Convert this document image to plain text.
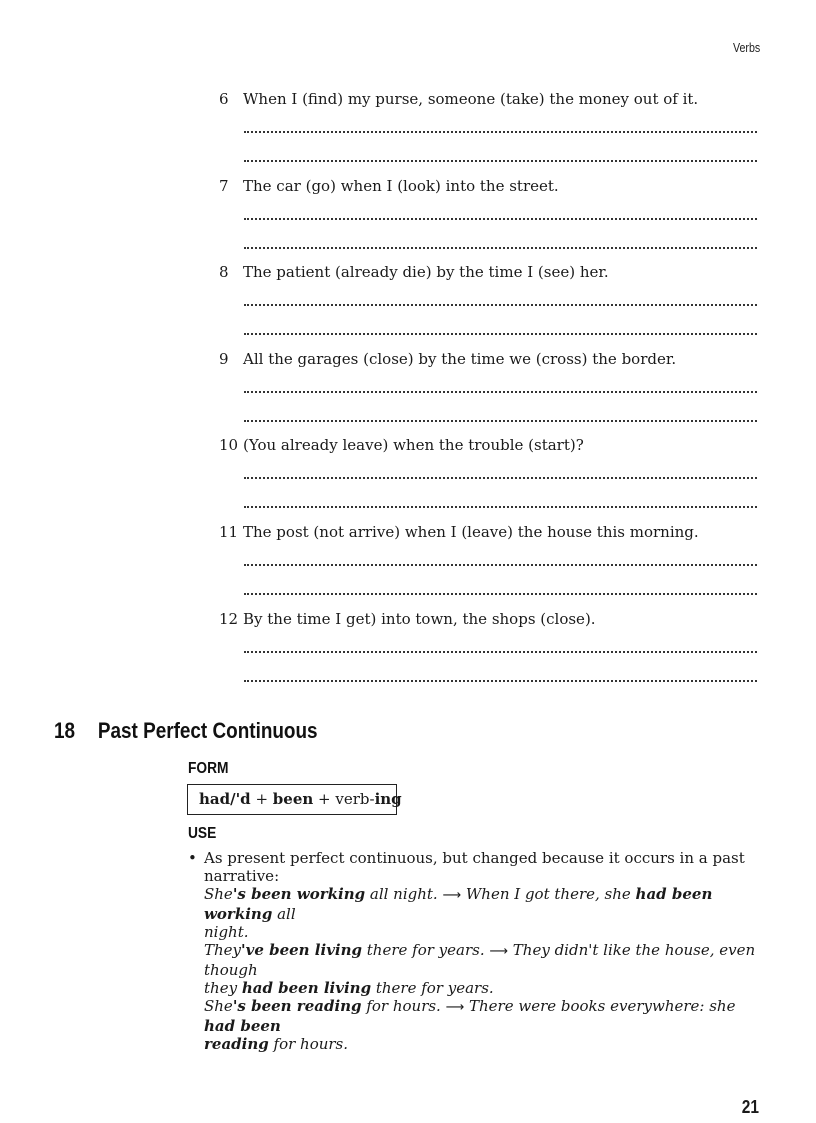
Verbs
6 When I (find) my purse, someone (take) the money out of it.
7 The car (go) when I (look) into the street.
8 The patient (already die) by the time I (see) her.
9 All the garages (close) by the time we (cross) the border.
10 (You already leave) when the trouble (start)?
11 The post (not arrive) when I (leave) the house this morning.
12 By the time I get) into town, the shops (close).
18 Past Perfect Continuous
FORM
had/'d + been + verb-ing
USE
• As present perfect continuous, but changed because it occurs in a past
narrative:
She's been working all night. ⟶ When I got there, she had been working all
night.
They've been living there for years. ⟶ They didn't like the house, even though
they had been living there for years.
She's been reading for hours. ⟶ There were books everywhere: she had been
reading for hours.
21
